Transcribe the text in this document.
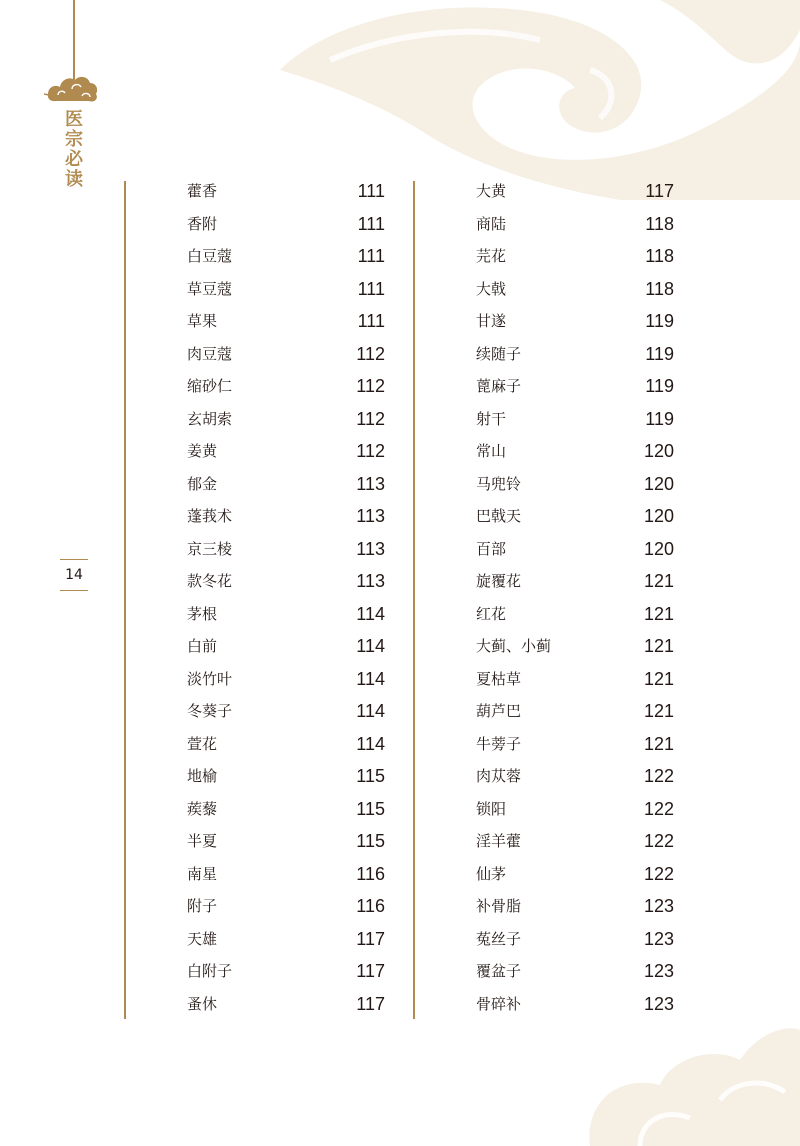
医
宗
必
读
14
藿香	111
香附	111
白豆蔻	111
草豆蔻	111
草果	111
肉豆蔻	112
缩砂仁	112
玄胡索	112
姜黄	112
郁金	113
蓬莪术	113
京三棱	113
款冬花	113
茅根	114
白前	114
淡竹叶	114
冬葵子	114
萱花	114
地榆	115
蒺藜	115
半夏	115
南星	116
附子	116
天雄	117
白附子	117
蚤休	117
大黄	117
商陆	118
芫花	118
大戟	118
甘遂	119
续随子	119
蓖麻子	119
射干	119
常山	120
马兜铃	120
巴戟天	120
百部	120
旋覆花	121
红花	121
大蓟、小蓟	121
夏枯草	121
葫芦巴	121
牛蒡子	121
肉苁蓉	122
锁阳	122
淫羊藿	122
仙茅	122
补骨脂	123
菟丝子	123
覆盆子	123
骨碎补	123
